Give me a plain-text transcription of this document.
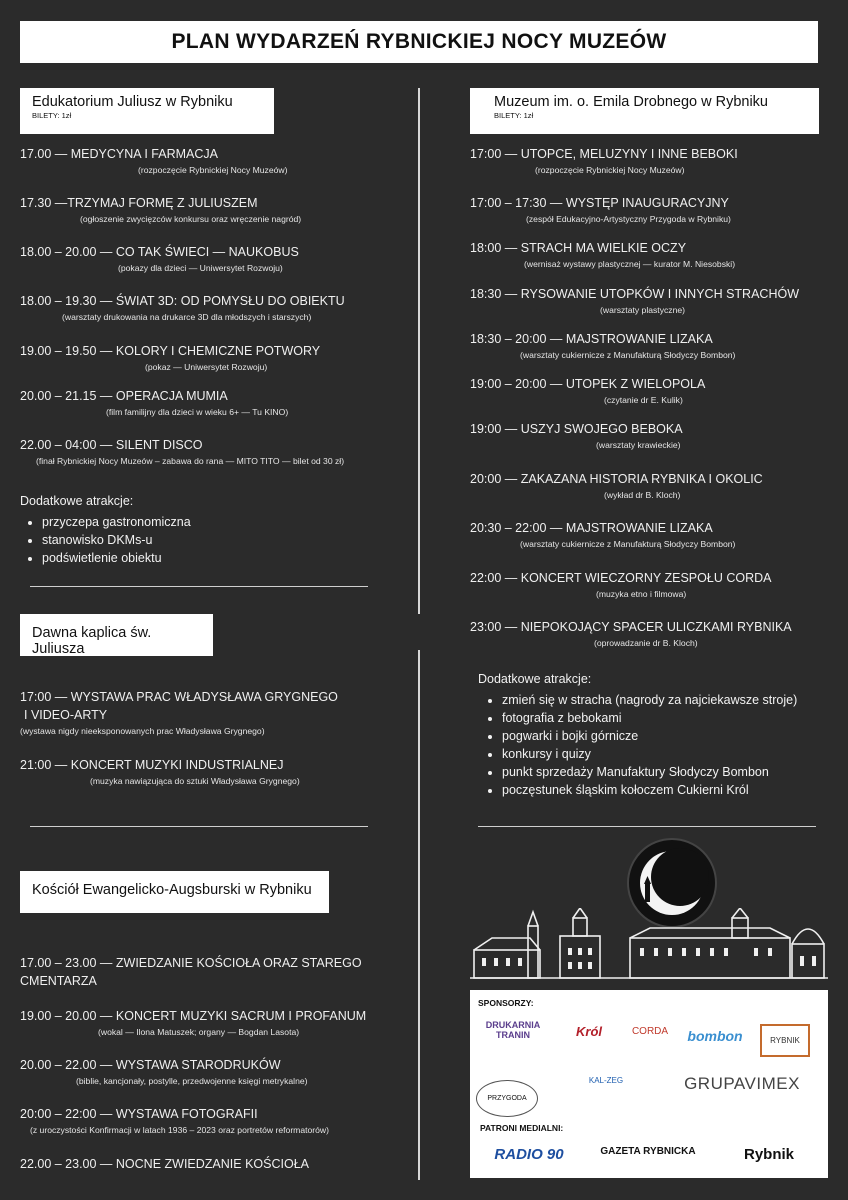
PLAN WYDARZEŃ RYBNICKIEJ NOCY MUZEÓW
Edukatorium Juliusz w Rybniku
BILETY: 1zł
17.00 — MEDYCYNA I FARMACJA
(rozpoczęcie Rybnickiej Nocy Muzeów)
17.30 —TRZYMAJ FORMĘ Z JULIUSZEM
(ogłoszenie zwycięzców konkursu oraz wręczenie nagród)
18.00 – 20.00 — CO TAK ŚWIECI — NAUKOBUS
(pokazy dla dzieci — Uniwersytet Rozwoju)
18.00 – 19.30 — ŚWIAT 3D: OD POMYSŁU DO OBIEKTU
(warsztaty drukowania na drukarce 3D dla młodszych i starszych)
19.00 – 19.50 — KOLORY I CHEMICZNE POTWORY
(pokaz — Uniwersytet Rozwoju)
20.00 – 21.15 — OPERACJA MUMIA
(film familijny dla dzieci w wieku 6+ — Tu KINO)
22.00 – 04:00 — SILENT DISCO
(finał Rybnickiej Nocy Muzeów – zabawa do rana — MITO TITO — bilet od 30 zł)
Dodatkowe atrakcje:
• przyczepa gastronomiczna
• stanowisko DKMs-u
• podświetlenie obiektu
Dawna kaplica św. Juliusza
17:00 — WYSTAWA PRAC WŁADYSŁAWA GRYGNEGO
I VIDEO-ARTY
(wystawa nigdy nieeksponowanych prac Władysława Grygnego)
21:00 — KONCERT MUZYKI INDUSTRIALNEJ
(muzyka nawiązująca do sztuki Władysława Grygnego)
Kościół Ewangelicko-Augsburski w Rybniku
17.00 – 23.00 — ZWIEDZANIE KOŚCIOŁA ORAZ STAREGO
CMENTARZA
19.00 – 20.00 — KONCERT MUZYKI SACRUM I PROFANUM
(wokal — Ilona Matuszek; organy — Bogdan Lasota)
20.00 – 22.00 — WYSTAWA STARODRUKÓW
(biblie, kancjonały, postylle, przedwojenne księgi metrykalne)
20:00 – 22:00 — WYSTAWA FOTOGRAFII
(z uroczystości Konfirmacji w latach 1936 – 2023 oraz portretów reformatorów)
22.00 – 23.00 — NOCNE ZWIEDZANIE KOŚCIOŁA
Muzeum im. o. Emila Drobnego w Rybniku
BILETY: 1zł
17:00 — UTOPCE, MELUZYNY I INNE BEBOKI
(rozpoczęcie Rybnickiej Nocy Muzeów)
17:00 – 17:30 — WYSTĘP INAUGURACYJNY
(zespół Edukacyjno-Artystyczny Przygoda w Rybniku)
18:00 — STRACH MA WIELKIE OCZY
(wernisaż wystawy plastycznej — kurator M. Niesobski)
18:30 — RYSOWANIE UTOPKÓW I INNYCH STRACHÓW
(warsztaty plastyczne)
18:30 – 20:00 — MAJSTROWANIE LIZAKA
(warsztaty cukiernicze z Manufakturą Słodyczy Bombon)
19:00 – 20:00 — UTOPEK Z WIELOPOLA
(czytanie dr E. Kulik)
19:00 — USZYJ SWOJEGO BEBOKA
(warsztaty krawieckie)
20:00 — ZAKAZANA HISTORIA RYBNIKA I OKOLIC
(wykład dr B. Kloch)
20:30 – 22:00 — MAJSTROWANIE LIZAKA
(warsztaty cukiernicze z Manufakturą Słodyczy Bombon)
22:00 — KONCERT WIECZORNY ZESPOŁU CORDA
(muzyka etno i filmowa)
23:00 — NIEPOKOJĄCY SPACER ULICZKAMI RYBNIKA
(oprowadzanie dr B. Kloch)
Dodatkowe atrakcje:
• zmień się w stracha (nagrody za najciekawsze stroje)
• fotografia z bebokami
• pogwarki i bojki górnicze
• konkursy i quizy
• punkt sprzedaży Manufaktury Słodyczy Bombon
• poczęstunek śląskim kołoczem Cukierni Król
SPONSORZY:
DRUKARNIA TRANIN	Król	CORDA	bombon	RYBNIK
PRZYGODA
KAL-ZEG	GRUPAVIMEX
PATRONI MEDIALNI:
RADIO 90	GAZETA RYBNICKA	Rybnik
